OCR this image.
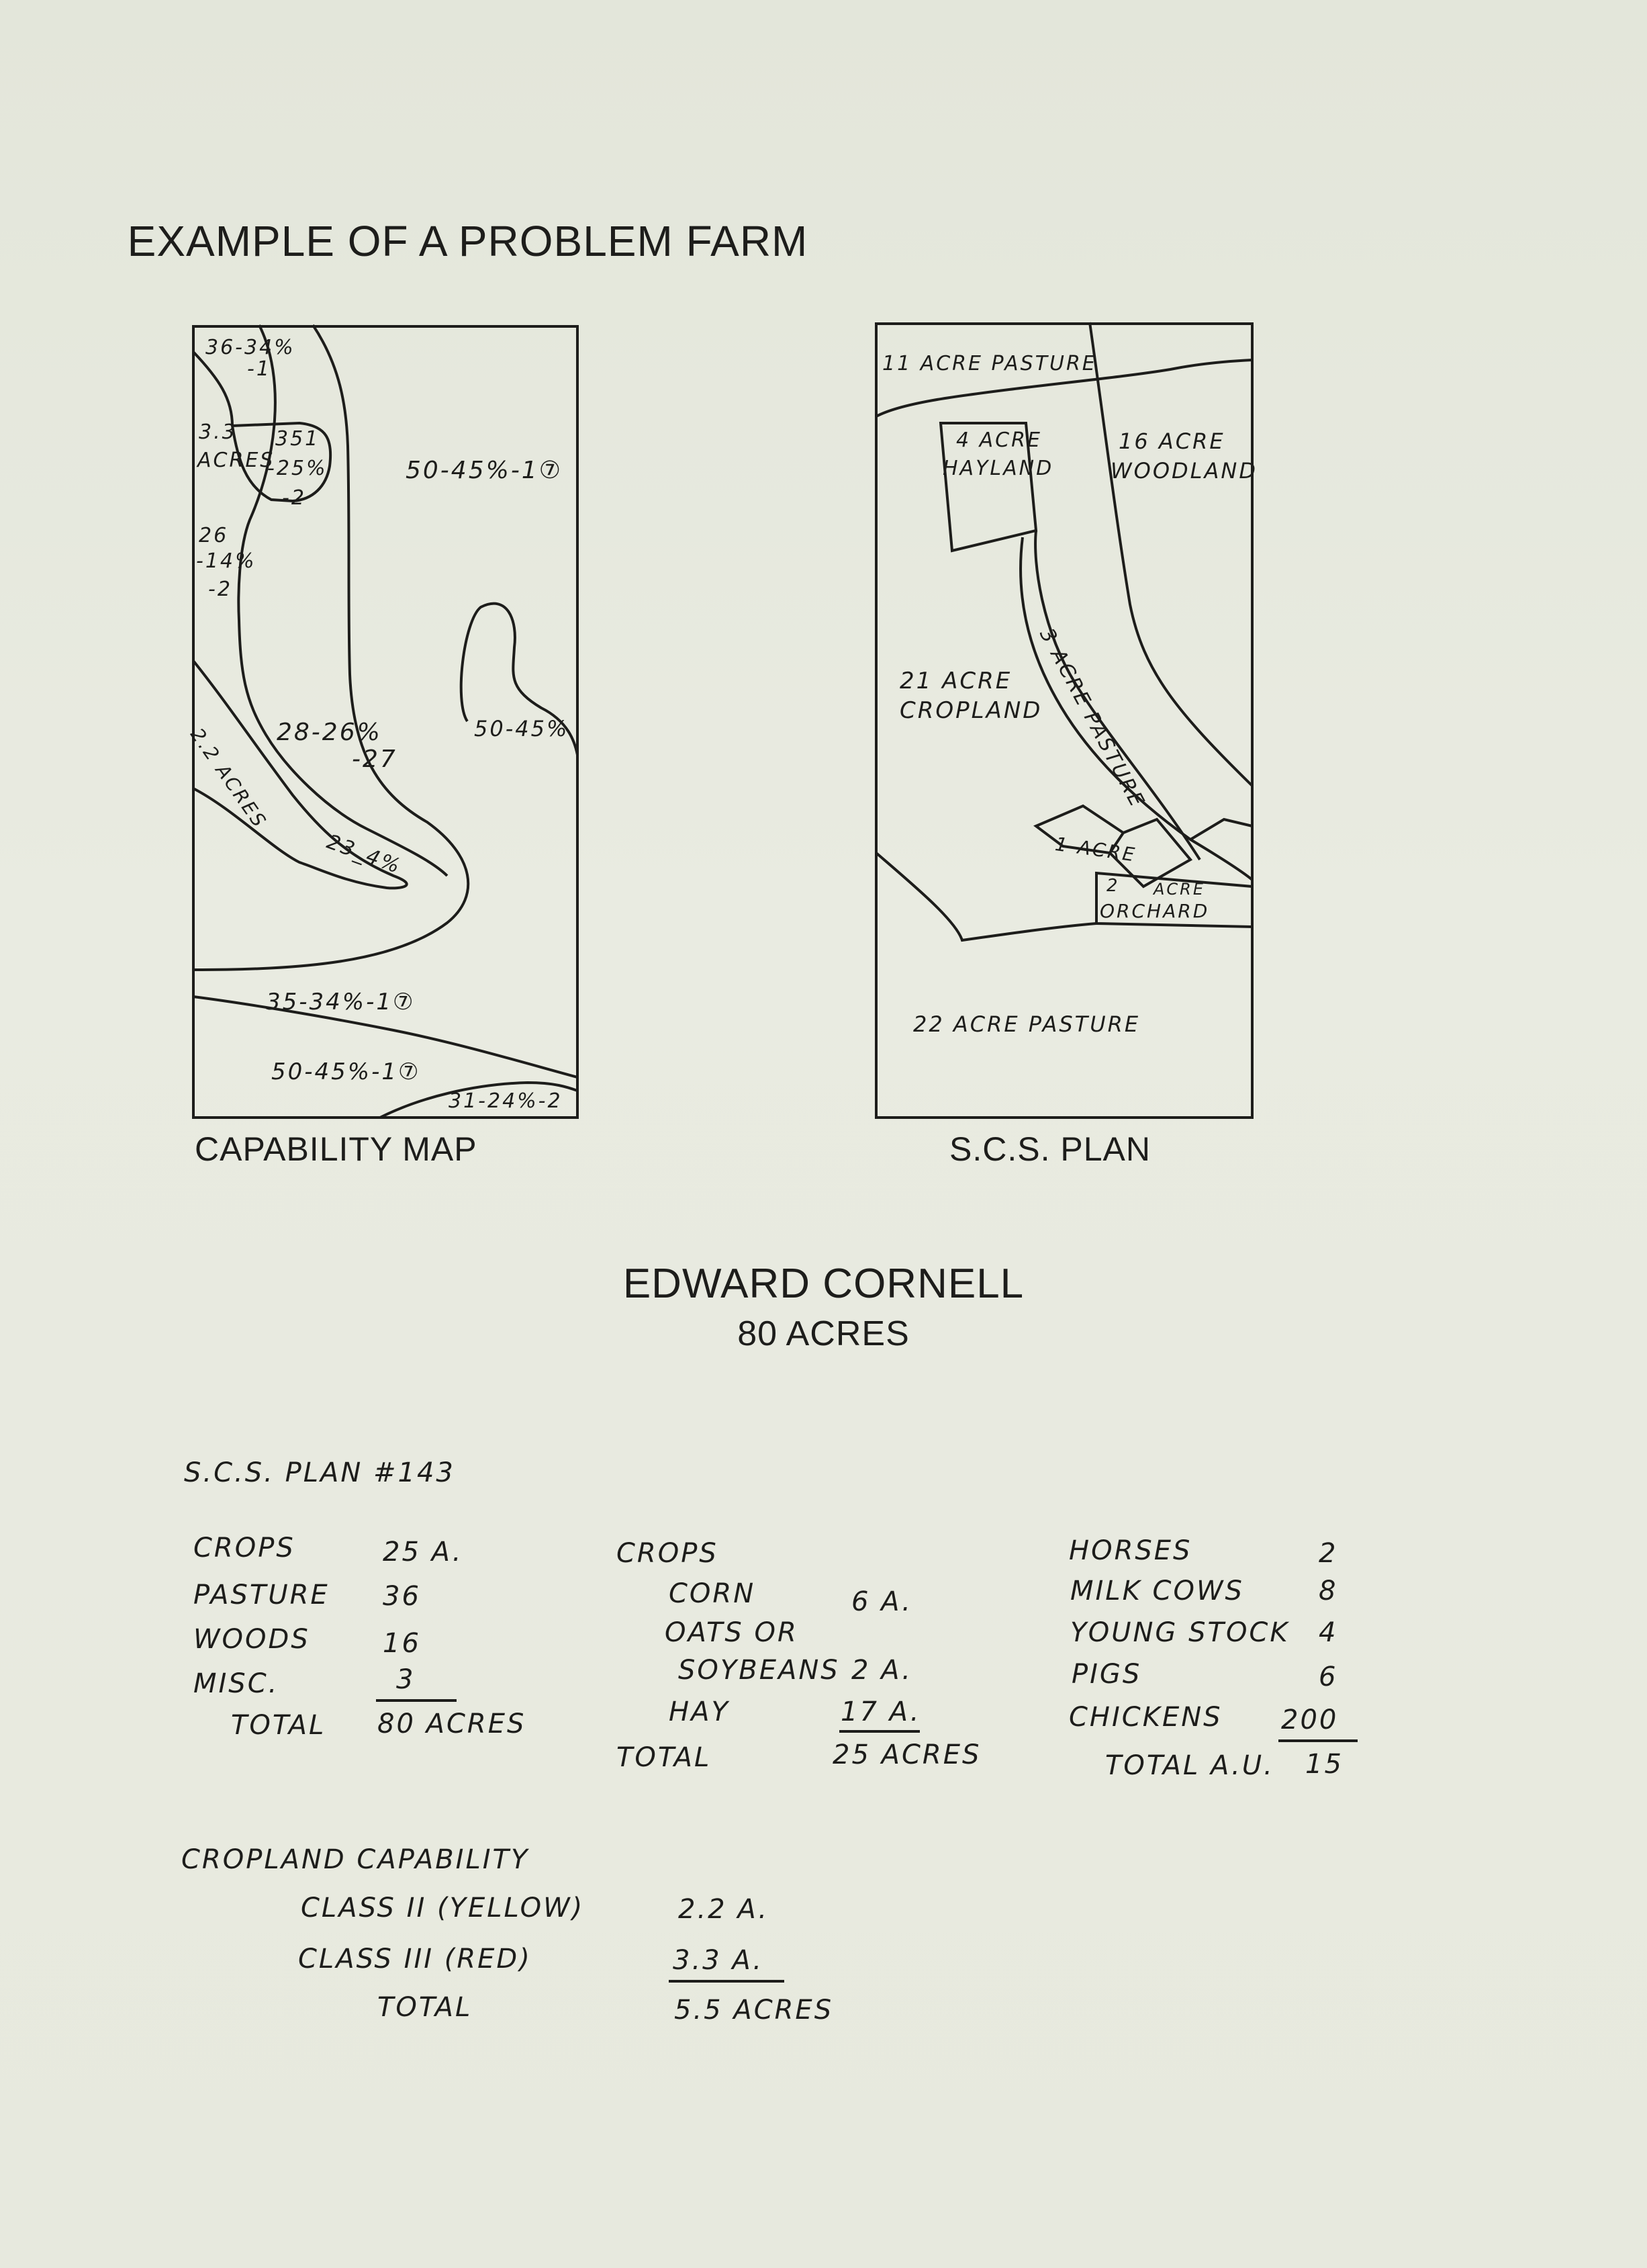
EXAMPLE OF A PROBLEM FARM
CAPABILITY MAP	S.C.S. PLAN
36-34%
-1
3.3
ACRES
351
-25%
-2
50-45%-1⑦
26
-14%
-2
2.2 ACRES 28-26%
-27
50-45%
23_4%
35-34%-1⑦
50-45%-1⑦
31-24%-2
11 ACRE PASTURE
4 ACRE
HAYLAND
16 ACRE
WOODLAND
21 ACRE
CROPLAND
3 ACRE PASTURE
1-ACRE
2 ACRE
ORCHARD
22 ACRE PASTURE
EDWARD CORNELL
80 ACRES
S.C.S. PLAN #143
CROPS	25 A.
PASTURE 36
WOODS	16
MISC.	3
TOTAL 80 ACRES
CROPS
CORN	6 A.
OATS OR
SOYBEANS 2 A.
HAY	17 A.
TOTAL	25 ACRES
HORSES	2
MILK COWS	8
YOUNG STOCK 4
PIGS	6
CHICKENS 200
TOTAL A.U. 15
CROPLAND CAPABILITY
CLASS II (YELLOW)	2.2 A.
CLASS III (RED)	3.3 A.
TOTAL	5.5 ACRES
